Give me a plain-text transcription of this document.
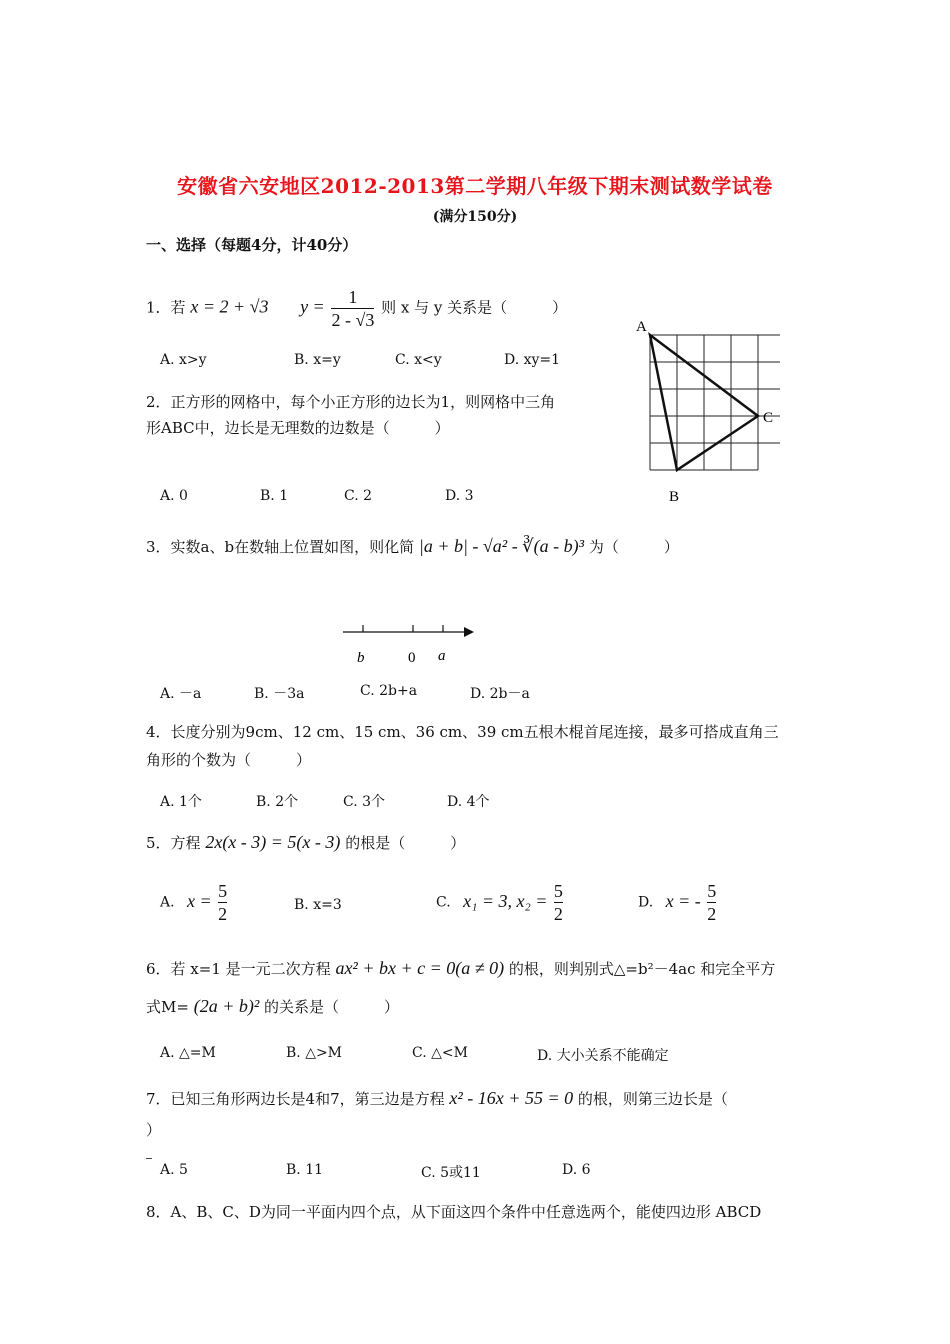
安徽省六安地区2012-2013第二学期八年级下期末测试数学试卷
(满分150分)
一、选择（每题4分，计40分）
1．若 x = 2 + √3 $y = \frac{1}{2 - √3}$ 则 x 与 y 关系是（　　　）
A. x>y	B. x=y	C. x<y	D. xy=1
2．正方形的网格中，每个小正方形的边长为1，则网格中三角
形ABC中，边长是无理数的边数是（　　　）
A. 0	B. 1	C. 2	D. 3
A
B
C
3．实数a、b在数轴上位置如图，则化简 |a + b| - √a² - ∛(a - b)³ 为（　　　）
b	0 a
A. －a	B. －3a	C. 2b+a	D. 2b－a
4．长度分别为9cm、12 cm、15 cm、36 cm、39 cm五根木棍首尾连接，最多可搭成直角三
角形的个数为（　　　）
A. 1个	B. 2个	C. 3个	D. 4个
5．方程 2x(x - 3) = 5(x - 3) 的根是（　　　）
A. $x = \frac{5}{2}$	B. x=3	C. x₁ = 3, $x_2 = \frac{5}{2}$	D. x = - $\frac{5}{2}$
6．若 x=1 是一元二次方程 ax² + bx + c = 0(a ≠ 0) 的根，则判别式△=b²－4ac 和完全平方
式M= (2a + b)² 的关系是（　　　）
A. △=M	B. △>M	C. △<M	D. 大小关系不能确定
7．已知三角形两边长是4和7，第三边是方程 x² - 16x + 55 = 0 的根，则第三边长是（
）
A. 5	B. 11	C. 5或11	D. 6
8．A、B、C、D为同一平面内四个点，从下面这四个条件中任意选两个，能使四边形 ABCD
